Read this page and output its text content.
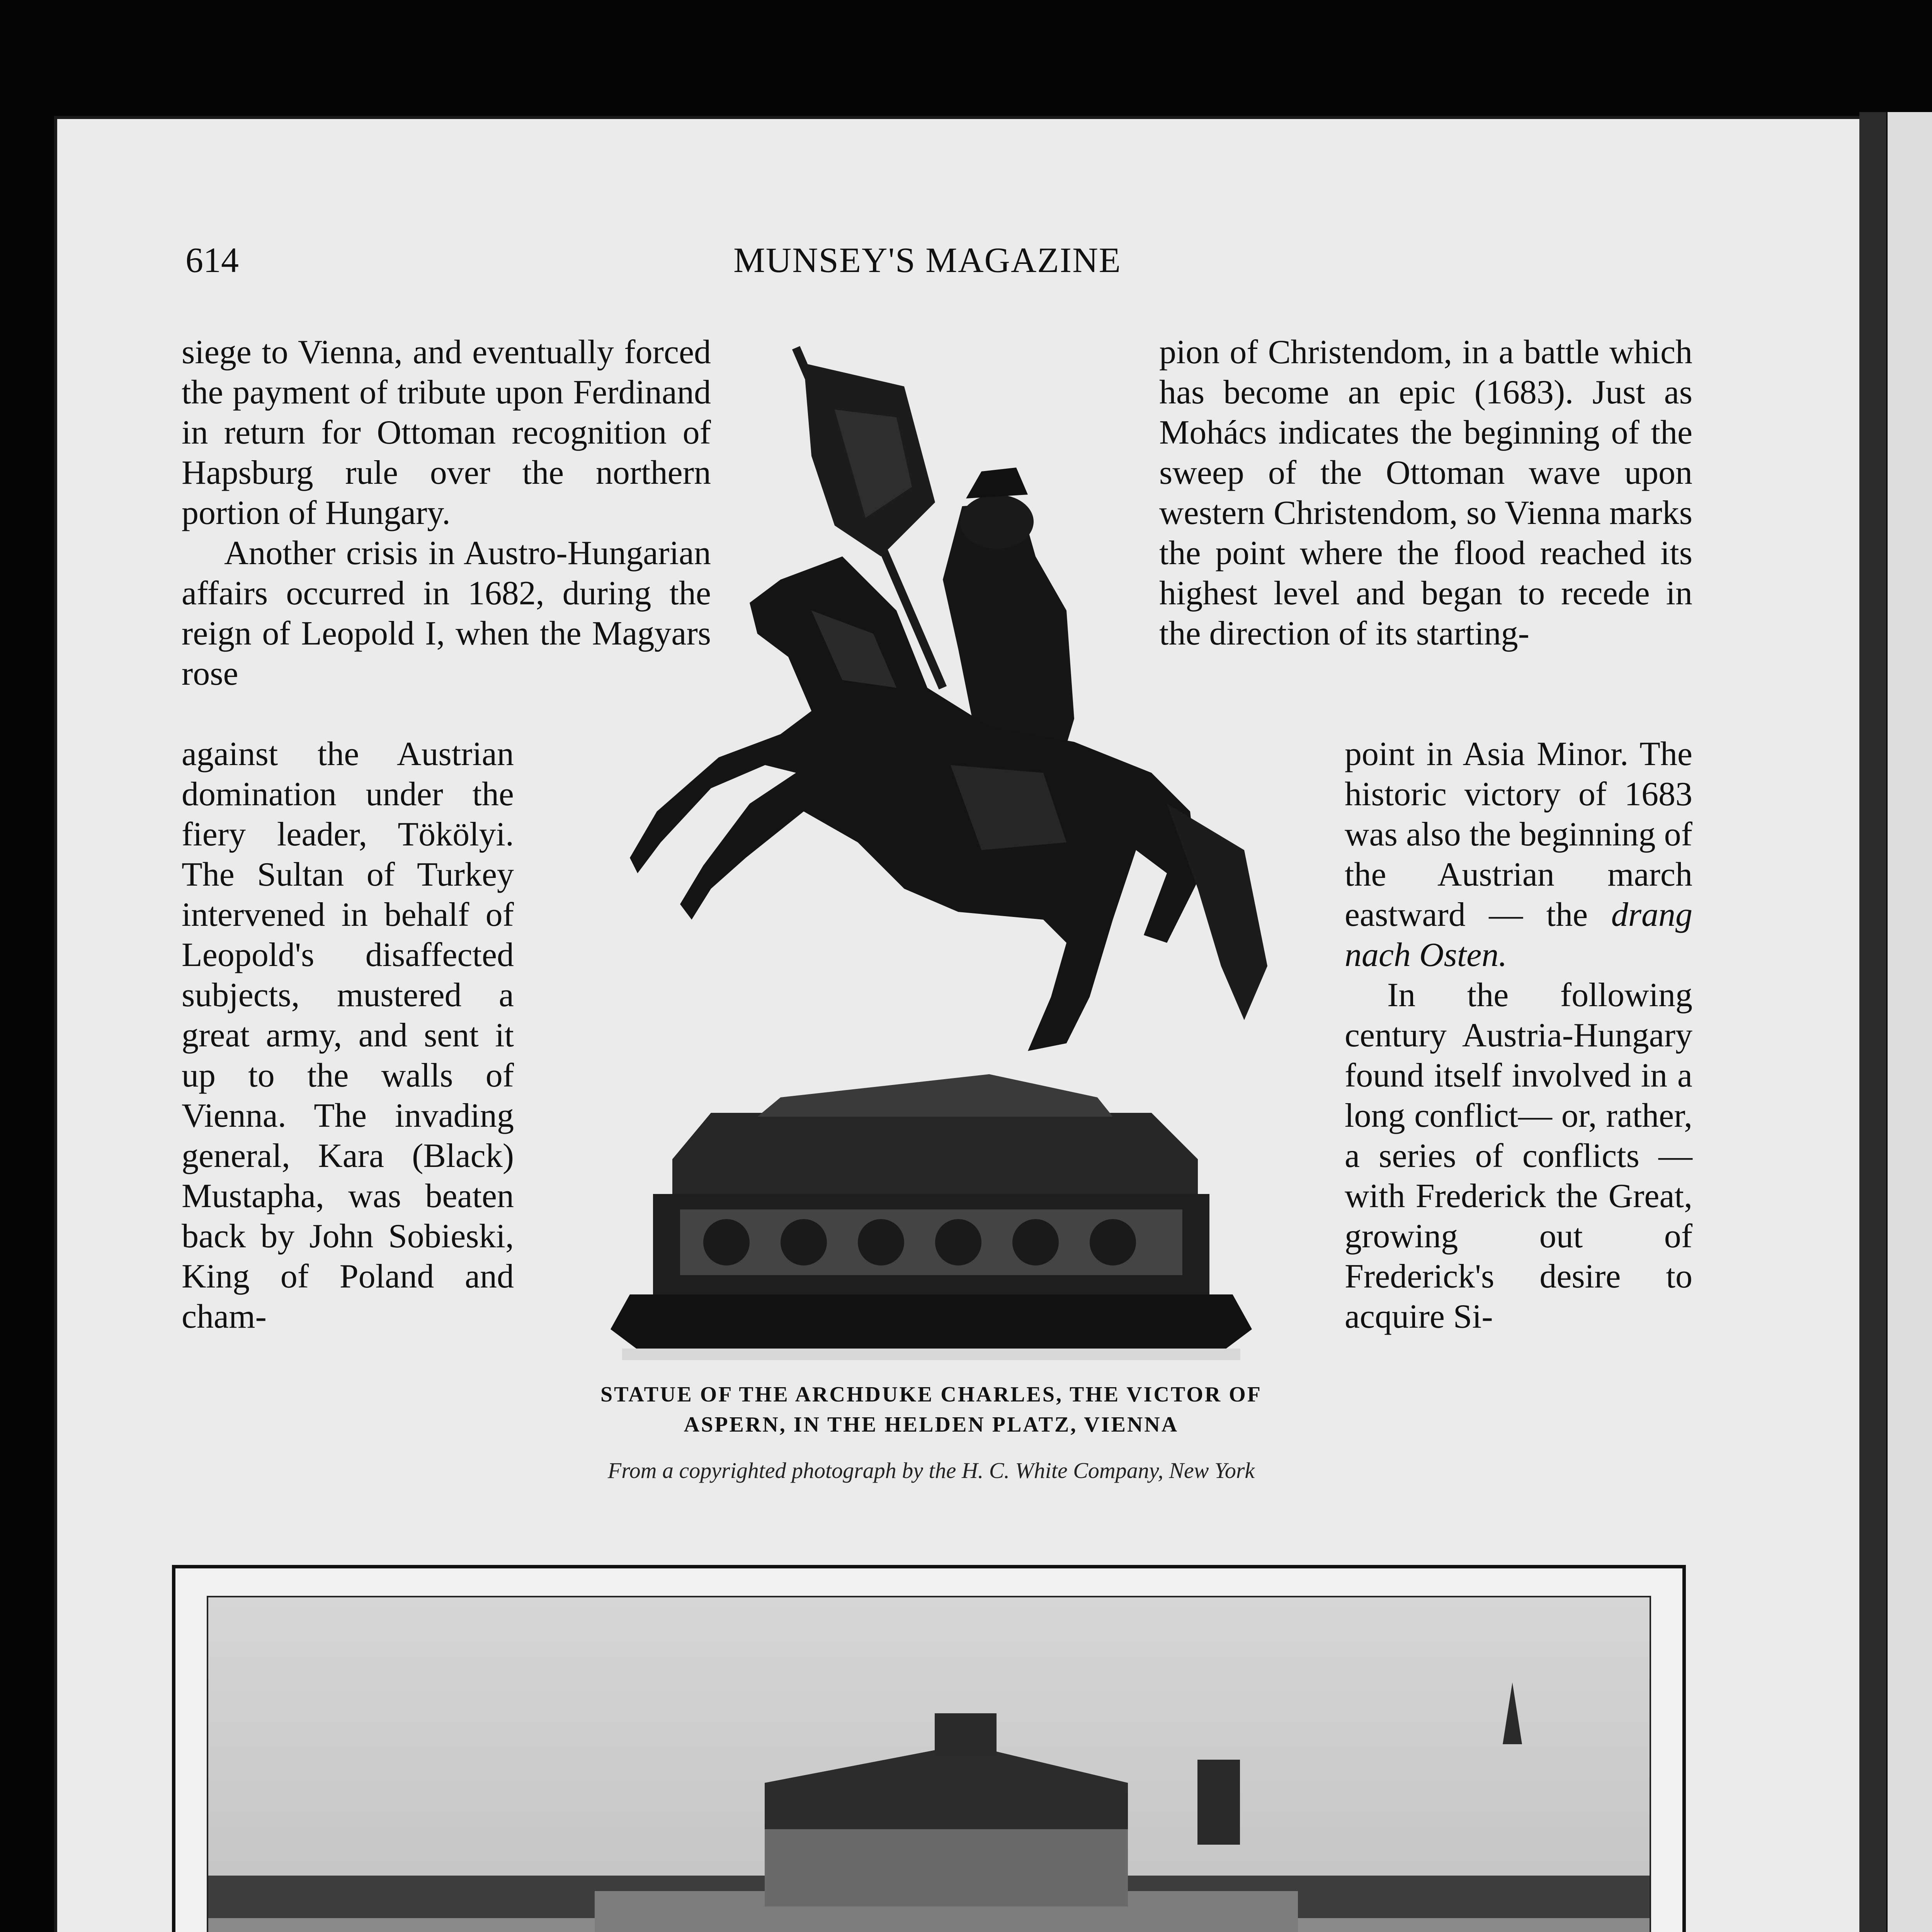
614	MUNSEY'S MAGAZINE

siege to Vienna, and eventually forced the payment of tribute upon Ferdinand in return for Ottoman recognition of Hapsburg rule over the northern portion of Hungary.

Another crisis in Austro-Hungarian affairs occurred in 1682, during the reign of Leopold I, when the Magyars rose

against the Austrian domination under the fiery leader, Tökölyi. The Sultan of Turkey intervened in behalf of Leopold's disaffected subjects, mustered a great army, and sent it up to the walls of Vienna. The invading general, Kara (Black) Mustapha, was beaten back by John Sobieski, King of Poland and cham-

pion of Christendom, in a battle which has become an epic (1683). Just as Mohács indicates the beginning of the sweep of the Ottoman wave upon western Christendom, so Vienna marks the point where the flood reached its highest level and began to recede in the direction of its starting-

point in Asia Minor. The historic victory of 1683 was also the beginning of the Austrian march eastward — the drang nach Osten.

In the following century Austria-Hungary found itself involved in a long conflict— or, rather, a series of conflicts — with Frederick the Great, growing out of Frederick's desire to acquire Si-

STATUE OF THE ARCHDUKE CHARLES, THE VICTOR OF ASPERN, IN THE HELDEN PLATZ, VIENNA
From a copyrighted photograph by the H. C. White Company, New York
